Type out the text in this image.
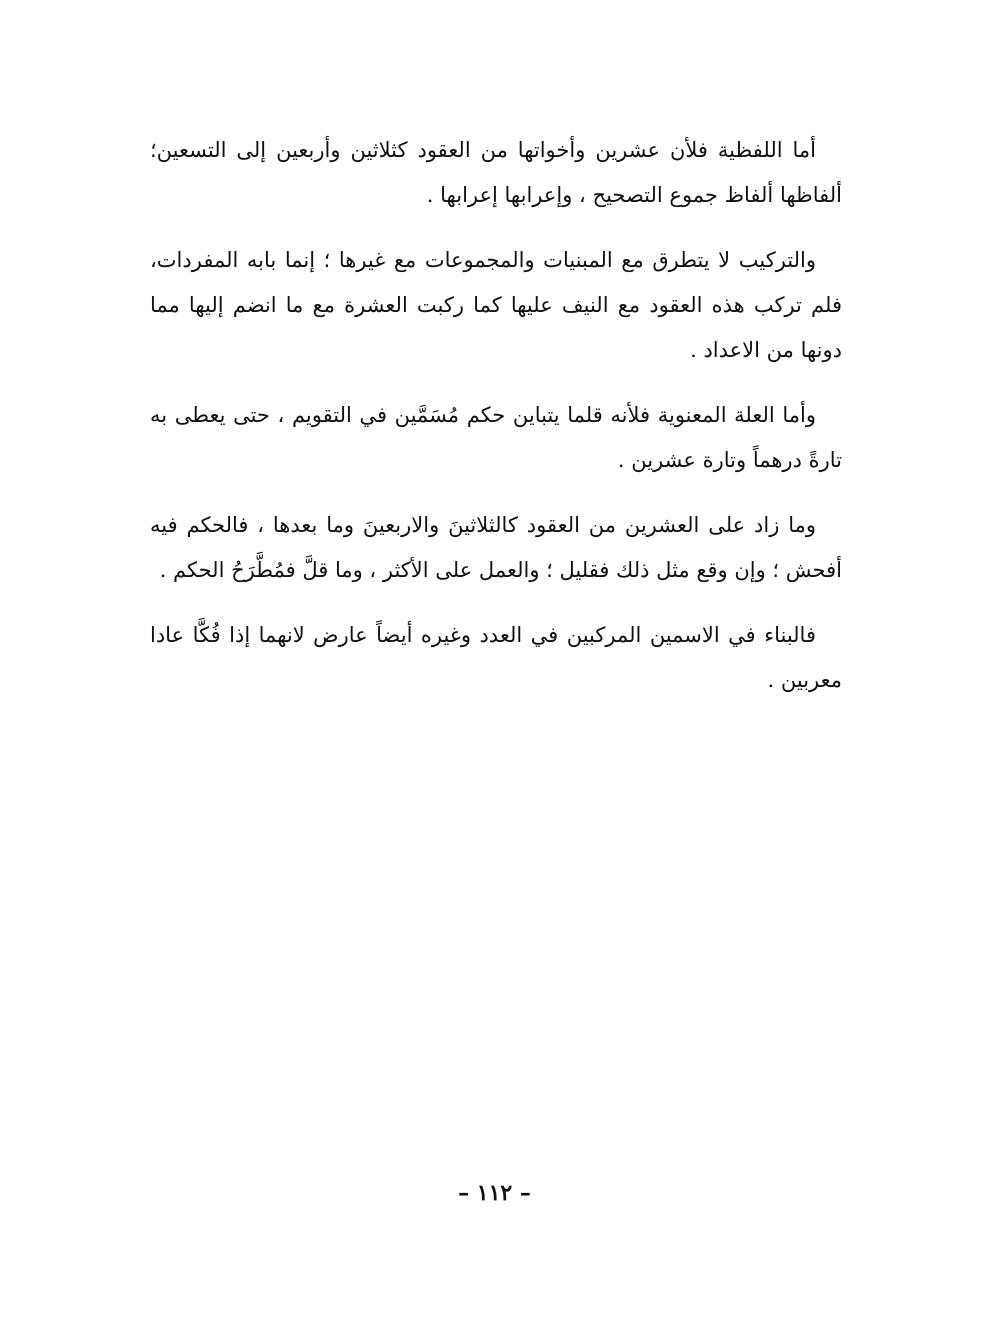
أما اللفظية فلأن عشرين وأخواتها من العقود كثلاثين وأربعين إلى التسعين؛ ألفاظها ألفاظ جموع التصحيح ، وإعرابها إعرابها .

والتركيب لا يتطرق مع المبنيات والمجموعات مع غيرها ؛ إنما بابه المفردات، فلم تركب هذه العقود مع النيف عليها كما ركبت العشرة مع ما انضم إليها مما دونها من الاعداد .

وأما العلة المعنوية فلأنه قلما يتباين حكم مُسَمَّين في التقويم ، حتى يعطى به تارةً درهماً وتارة عشرين .

وما زاد على العشرين من العقود كالثلاثينَ والاربعينَ وما بعدها ، فالحكم فيه أفحش ؛ وإن وقع مثل ذلك فقليل ؛ والعمل على الأكثر ، وما قلَّ فمُطَّرَحُ الحكم .

فالبناء في الاسمين المركبين في العدد وغيره أيضاً عارض لانهما إذا فُكَّا عادا معربين .

– ١١٢ –
